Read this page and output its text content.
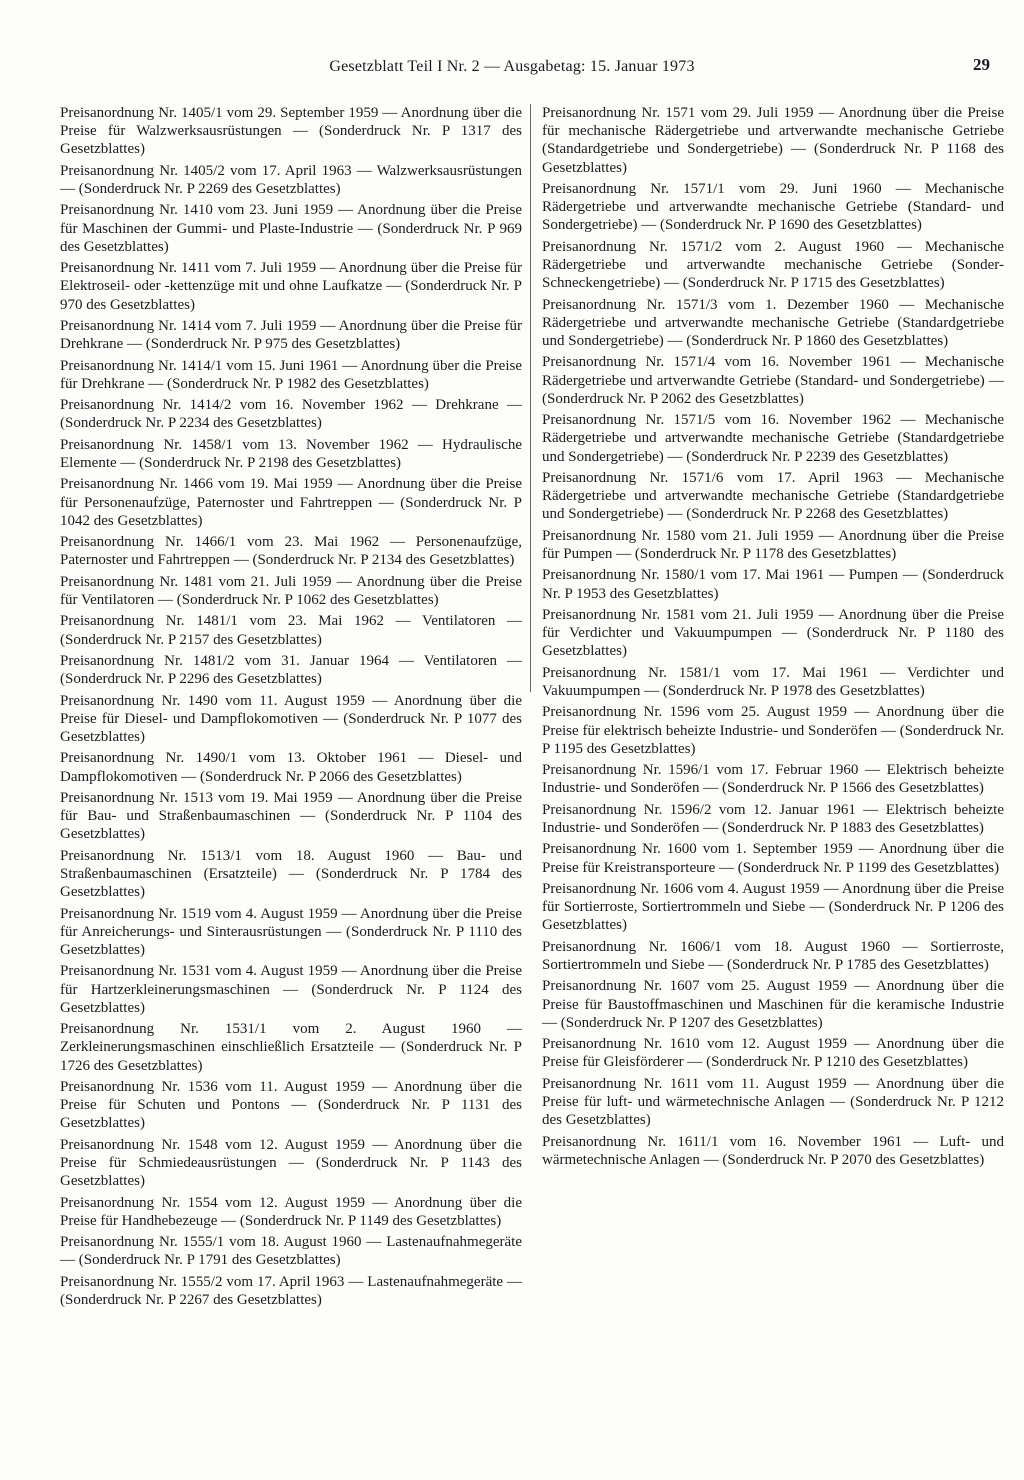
Gesetzblatt Teil I Nr. 2 — Ausgabetag: 15. Januar 1973	29

Preisanordnung Nr. 1405/1 vom 29. September 1959 — Anordnung über die Preise für Walzwerksausrüstungen — (Sonderdruck Nr. P 1317 des Gesetzblattes)

Preisanordnung Nr. 1405/2 vom 17. April 1963 — Walzwerksausrüstungen — (Sonderdruck Nr. P 2269 des Gesetzblattes)

Preisanordnung Nr. 1410 vom 23. Juni 1959 — Anordnung über die Preise für Maschinen der Gummi- und Plaste-Industrie — (Sonderdruck Nr. P 969 des Gesetzblattes)

Preisanordnung Nr. 1411 vom 7. Juli 1959 — Anordnung über die Preise für Elektroseil- oder -kettenzüge mit und ohne Laufkatze — (Sonderdruck Nr. P 970 des Gesetzblattes)

Preisanordnung Nr. 1414 vom 7. Juli 1959 — Anordnung über die Preise für Drehkrane — (Sonderdruck Nr. P 975 des Gesetzblattes)

Preisanordnung Nr. 1414/1 vom 15. Juni 1961 — Anordnung über die Preise für Drehkrane — (Sonderdruck Nr. P 1982 des Gesetzblattes)

Preisanordnung Nr. 1414/2 vom 16. November 1962 — Drehkrane — (Sonderdruck Nr. P 2234 des Gesetzblattes)

Preisanordnung Nr. 1458/1 vom 13. November 1962 — Hydraulische Elemente — (Sonderdruck Nr. P 2198 des Gesetzblattes)

Preisanordnung Nr. 1466 vom 19. Mai 1959 — Anordnung über die Preise für Personenaufzüge, Paternoster und Fahrtreppen — (Sonderdruck Nr. P 1042 des Gesetzblattes)

Preisanordnung Nr. 1466/1 vom 23. Mai 1962 — Personenaufzüge, Paternoster und Fahrtreppen — (Sonderdruck Nr. P 2134 des Gesetzblattes)

Preisanordnung Nr. 1481 vom 21. Juli 1959 — Anordnung über die Preise für Ventilatoren — (Sonderdruck Nr. P 1062 des Gesetzblattes)

Preisanordnung Nr. 1481/1 vom 23. Mai 1962 — Ventilatoren — (Sonderdruck Nr. P 2157 des Gesetzblattes)

Preisanordnung Nr. 1481/2 vom 31. Januar 1964 — Ventilatoren — (Sonderdruck Nr. P 2296 des Gesetzblattes)

Preisanordnung Nr. 1490 vom 11. August 1959 — Anordnung über die Preise für Diesel- und Dampflokomotiven — (Sonderdruck Nr. P 1077 des Gesetzblattes)

Preisanordnung Nr. 1490/1 vom 13. Oktober 1961 — Diesel- und Dampflokomotiven — (Sonderdruck Nr. P 2066 des Gesetzblattes)

Preisanordnung Nr. 1513 vom 19. Mai 1959 — Anordnung über die Preise für Bau- und Straßenbaumaschinen — (Sonderdruck Nr. P 1104 des Gesetzblattes)

Preisanordnung Nr. 1513/1 vom 18. August 1960 — Bau- und Straßenbaumaschinen (Ersatzteile) — (Sonderdruck Nr. P 1784 des Gesetzblattes)

Preisanordnung Nr. 1519 vom 4. August 1959 — Anordnung über die Preise für Anreicherungs- und Sinterausrüstungen — (Sonderdruck Nr. P 1110 des Gesetzblattes)

Preisanordnung Nr. 1531 vom 4. August 1959 — Anordnung über die Preise für Hartzerkleinerungsmaschinen — (Sonderdruck Nr. P 1124 des Gesetzblattes)

Preisanordnung Nr. 1531/1 vom 2. August 1960 — Zerkleinerungsmaschinen einschließlich Ersatzteile — (Sonderdruck Nr. P 1726 des Gesetzblattes)

Preisanordnung Nr. 1536 vom 11. August 1959 — Anordnung über die Preise für Schuten und Pontons — (Sonderdruck Nr. P 1131 des Gesetzblattes)

Preisanordnung Nr. 1548 vom 12. August 1959 — Anordnung über die Preise für Schmiedeausrüstungen — (Sonderdruck Nr. P 1143 des Gesetzblattes)

Preisanordnung Nr. 1554 vom 12. August 1959 — Anordnung über die Preise für Handhebezeuge — (Sonderdruck Nr. P 1149 des Gesetzblattes)

Preisanordnung Nr. 1555/1 vom 18. August 1960 — Lastenaufnahmegeräte — (Sonderdruck Nr. P 1791 des Gesetzblattes)

Preisanordnung Nr. 1555/2 vom 17. April 1963 — Lastenaufnahmegeräte — (Sonderdruck Nr. P 2267 des Gesetzblattes)

Preisanordnung Nr. 1571 vom 29. Juli 1959 — Anordnung über die Preise für mechanische Rädergetriebe und artverwandte mechanische Getriebe (Standardgetriebe und Sondergetriebe) — (Sonderdruck Nr. P 1168 des Gesetzblattes)

Preisanordnung Nr. 1571/1 vom 29. Juni 1960 — Mechanische Rädergetriebe und artverwandte mechanische Getriebe (Standard- und Sondergetriebe) — (Sonderdruck Nr. P 1690 des Gesetzblattes)

Preisanordnung Nr. 1571/2 vom 2. August 1960 — Mechanische Rädergetriebe und artverwandte mechanische Getriebe (Sonder-Schneckengetriebe) — (Sonderdruck Nr. P 1715 des Gesetzblattes)

Preisanordnung Nr. 1571/3 vom 1. Dezember 1960 — Mechanische Rädergetriebe und artverwandte mechanische Getriebe (Standardgetriebe und Sondergetriebe) — (Sonderdruck Nr. P 1860 des Gesetzblattes)

Preisanordnung Nr. 1571/4 vom 16. November 1961 — Mechanische Rädergetriebe und artverwandte Getriebe (Standard- und Sondergetriebe) — (Sonderdruck Nr. P 2062 des Gesetzblattes)

Preisanordnung Nr. 1571/5 vom 16. November 1962 — Mechanische Rädergetriebe und artverwandte mechanische Getriebe (Standardgetriebe und Sondergetriebe) — (Sonderdruck Nr. P 2239 des Gesetzblattes)

Preisanordnung Nr. 1571/6 vom 17. April 1963 — Mechanische Rädergetriebe und artverwandte mechanische Getriebe (Standardgetriebe und Sondergetriebe) — (Sonderdruck Nr. P 2268 des Gesetzblattes)

Preisanordnung Nr. 1580 vom 21. Juli 1959 — Anordnung über die Preise für Pumpen — (Sonderdruck Nr. P 1178 des Gesetzblattes)

Preisanordnung Nr. 1580/1 vom 17. Mai 1961 — Pumpen — (Sonderdruck Nr. P 1953 des Gesetzblattes)

Preisanordnung Nr. 1581 vom 21. Juli 1959 — Anordnung über die Preise für Verdichter und Vakuumpumpen — (Sonderdruck Nr. P 1180 des Gesetzblattes)

Preisanordnung Nr. 1581/1 vom 17. Mai 1961 — Verdichter und Vakuumpumpen — (Sonderdruck Nr. P 1978 des Gesetzblattes)

Preisanordnung Nr. 1596 vom 25. August 1959 — Anordnung über die Preise für elektrisch beheizte Industrie- und Sonderöfen — (Sonderdruck Nr. P 1195 des Gesetzblattes)

Preisanordnung Nr. 1596/1 vom 17. Februar 1960 — Elektrisch beheizte Industrie- und Sonderöfen — (Sonderdruck Nr. P 1566 des Gesetzblattes)

Preisanordnung Nr. 1596/2 vom 12. Januar 1961 — Elektrisch beheizte Industrie- und Sonderöfen — (Sonderdruck Nr. P 1883 des Gesetzblattes)

Preisanordnung Nr. 1600 vom 1. September 1959 — Anordnung über die Preise für Kreistransporteure — (Sonderdruck Nr. P 1199 des Gesetzblattes)

Preisanordnung Nr. 1606 vom 4. August 1959 — Anordnung über die Preise für Sortierroste, Sortiertrommeln und Siebe — (Sonderdruck Nr. P 1206 des Gesetzblattes)

Preisanordnung Nr. 1606/1 vom 18. August 1960 — Sortierroste, Sortiertrommeln und Siebe — (Sonderdruck Nr. P 1785 des Gesetzblattes)

Preisanordnung Nr. 1607 vom 25. August 1959 — Anordnung über die Preise für Baustoffmaschinen und Maschinen für die keramische Industrie — (Sonderdruck Nr. P 1207 des Gesetzblattes)

Preisanordnung Nr. 1610 vom 12. August 1959 — Anordnung über die Preise für Gleisförderer — (Sonderdruck Nr. P 1210 des Gesetzblattes)

Preisanordnung Nr. 1611 vom 11. August 1959 — Anordnung über die Preise für luft- und wärmetechnische Anlagen — (Sonderdruck Nr. P 1212 des Gesetzblattes)

Preisanordnung Nr. 1611/1 vom 16. November 1961 — Luft- und wärmetechnische Anlagen — (Sonderdruck Nr. P 2070 des Gesetzblattes)
